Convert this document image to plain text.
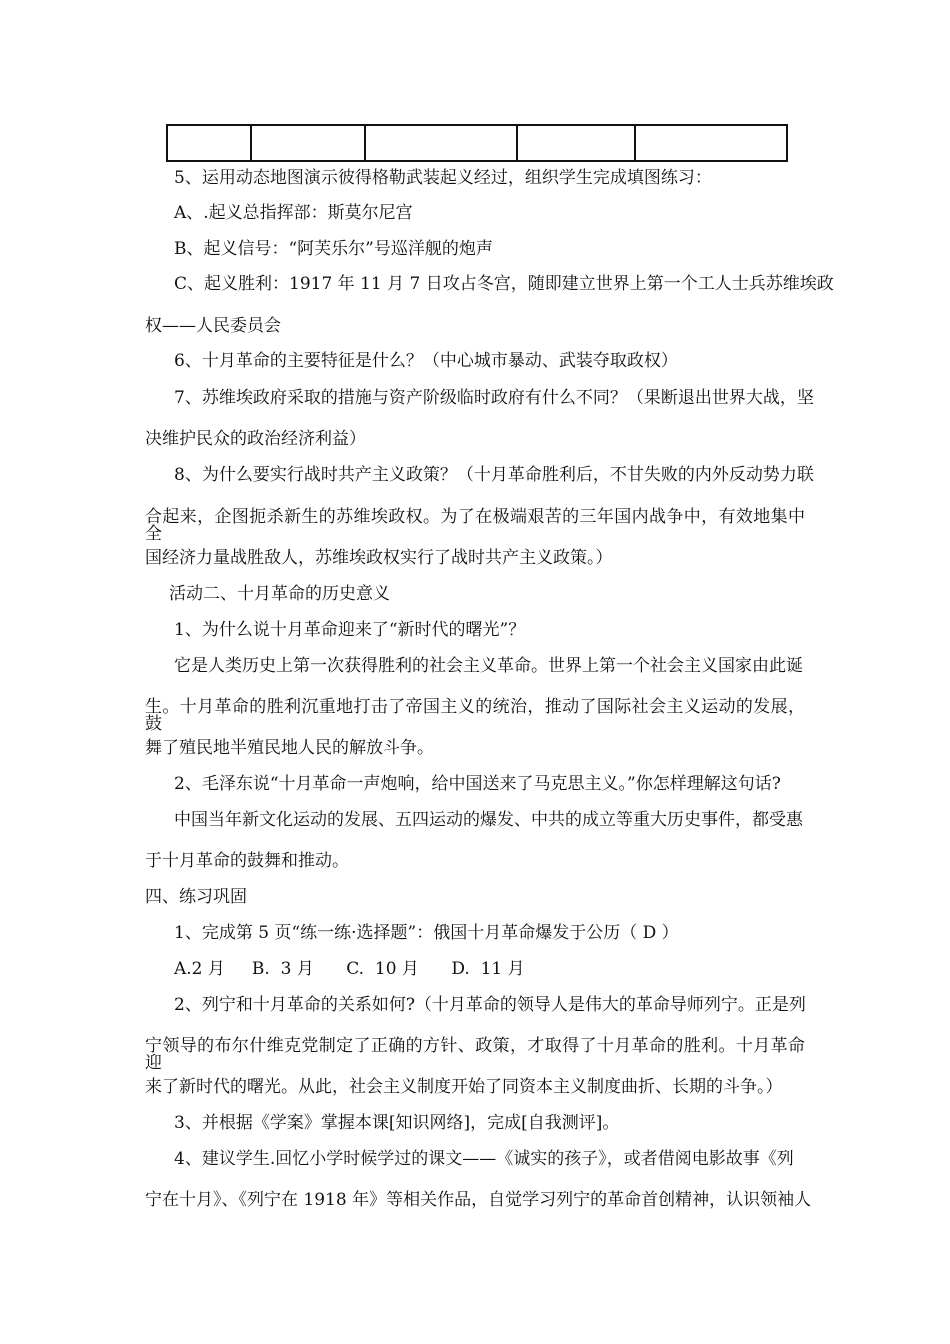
5、运用动态地图演示彼得格勒武装起义经过，组织学生完成填图练习：

A、.起义总指挥部：斯莫尔尼宫

B、起义信号：“阿芙乐尔”号巡洋舰的炮声

C、起义胜利：1917 年 11 月 7 日攻占冬宫，随即建立世界上第一个工人士兵苏维埃政

权——人民委员会

6、十月革命的主要特征是什么？（中心城市暴动、武装夺取政权）

7、苏维埃政府采取的措施与资产阶级临时政府有什么不同？（果断退出世界大战，坚

决维护民众的政治经济利益）

8、为什么要实行战时共产主义政策？（十月革命胜利后，不甘失败的内外反动势力联

合起来，企图扼杀新生的苏维埃政权。为了在极端艰苦的三年国内战争中，有效地集中全

国经济力量战胜敌人，苏维埃政权实行了战时共产主义政策。）

活动二、十月革命的历史意义

1、为什么说十月革命迎来了“新时代的曙光”？

它是人类历史上第一次获得胜利的社会主义革命。世界上第一个社会主义国家由此诞

生。十月革命的胜利沉重地打击了帝国主义的统治，推动了国际社会主义运动的发展，鼓

舞了殖民地半殖民地人民的解放斗争。

2、毛泽东说“十月革命一声炮响，给中国送来了马克思主义。”你怎样理解这句话?

中国当年新文化运动的发展、五四运动的爆发、中共的成立等重大历史事件，都受惠

于十月革命的鼓舞和推动。

四、练习巩固

1、完成第 5 页“练一练·选择题”：俄国十月革命爆发于公历（ D ）

A.2 月     B.  3 月      C.  10 月      D.  11 月

2、列宁和十月革命的关系如何?（十月革命的领导人是伟大的革命导师列宁。正是列

宁领导的布尔什维克党制定了正确的方针、政策，才取得了十月革命的胜利。十月革命迎

来了新时代的曙光。从此，社会主义制度开始了同资本主义制度曲折、长期的斗争。）

3、并根据《学案》掌握本课[知识网络]，完成[自我测评]。

4、建议学生.回忆小学时候学过的课文——《诚实的孩子》，或者借阅电影故事《列

宁在十月》、《列宁在 1918 年》等相关作品，自觉学习列宁的革命首创精神，认识领袖人
